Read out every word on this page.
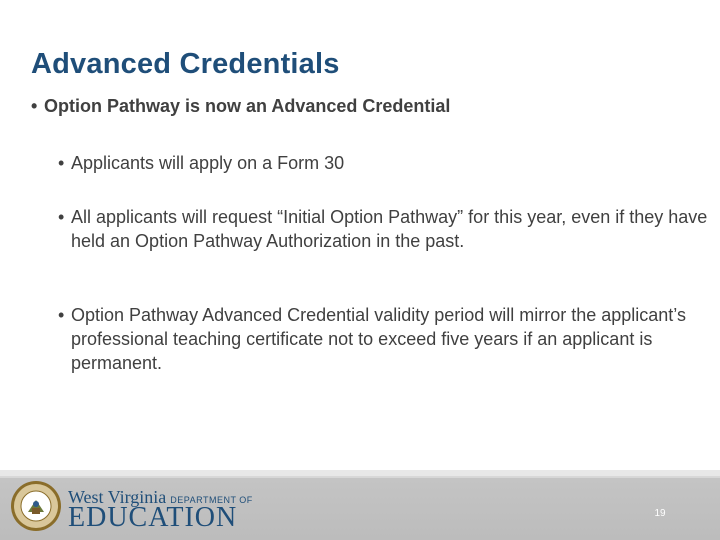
Advanced Credentials
• Option Pathway is now an Advanced Credential
• Applicants will apply on a Form 30
• All applicants will request “Initial Option Pathway” for this year, even if they have held an Option Pathway Authorization in the past.
• Option Pathway Advanced Credential validity period will mirror the applicant’s professional teaching certificate not to exceed five years if an applicant is permanent.
West Virginia DEPARTMENT OF
EDUCATION	19
